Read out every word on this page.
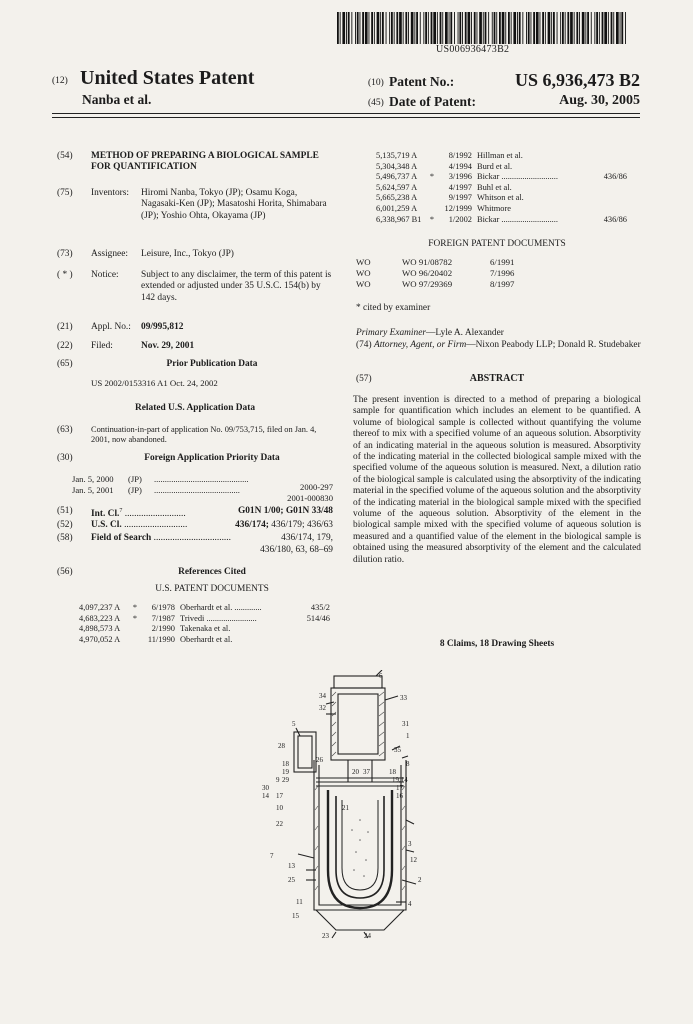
US006936473B2
(12) United States Patent
Nanba et al.
(10) Patent No.:	US 6,936,473 B2
(45) Date of Patent:	Aug. 30, 2005
(54) METHOD OF PREPARING A BIOLOGICAL SAMPLE FOR QUANTIFICATION
(75) Inventors: Hiromi Nanba, Tokyo (JP); Osamu Koga, Nagasaki-Ken (JP); Masatoshi Horita, Shimabara (JP); Yoshio Ohta, Okayama (JP)
(73) Assignee: Leisure, Inc., Tokyo (JP)
( * ) Notice: Subject to any disclaimer, the term of this patent is extended or adjusted under 35 U.S.C. 154(b) by 142 days.
(21) Appl. No.: 09/995,812
(22) Filed:	Nov. 29, 2001
(65)	Prior Publication Data
US 2002/0153316 A1 Oct. 24, 2002
Related U.S. Application Data
(63) Continuation-in-part of application No. 09/753,715, filed on Jan. 4, 2001, now abandoned.
(30)	Foreign Application Priority Data
Jan. 5, 2000 (JP) ............................................
2000-297
Jan. 5, 2001 (JP) ........................................
2001-000830
(51) Int. Cl.$^7$ ..........................	G01N 1/00; G01N 33/48
(52) U.S. Cl. ...........................	436/174; 436/179; 436/63
(58) Field of Search .................................	436/174, 179,
436/180, 63, 68–69
(56)	References Cited
U.S. PATENT DOCUMENTS
4,097,237 A	*	6/1978	Oberhardt et al. .............	435/2
4,683,223 A	*	7/1987	Trivedi ........................	514/46
4,898,573 A		2/1990	Takenaka et al.	
4,970,052 A		11/1990	Oberhardt et al.	
5,135,719 A		8/1992	Hillman et al.	
5,304,348 A		4/1994	Burd et al.	
5,496,737 A	*	3/1996	Bickar ...........................	436/86
5,624,597 A		4/1997	Buhl et al.	
5,665,238 A		9/1997	Whitson et al.	
6,001,259 A		12/1999	Whitmore	
6,338,967 B1	*	1/2002	Bickar ...........................	436/86
FOREIGN PATENT DOCUMENTS
WO	WO 91/08782	6/1991
WO	WO 96/20402	7/1996
WO	WO 97/29369	8/1997
* cited by examiner
Primary Examiner—Lyle A. Alexander
(74) Attorney, Agent, or Firm—Nixon Peabody LLP; Donald R. Studebaker
(57)	ABSTRACT
The present invention is directed to a method of preparing a biological sample for quantification which includes an element to be quantified. A volume of biological sample is collected without quantifying the volume thereof to mix with a specified volume of an aqueous solution. Absorptivity of an indicating material in the aqueous solution is measured. Absorptivity of the indicating material in the collected biological sample mixed with the specified volume of the aqueous solution is measured. Next, a dilution ratio of the biological sample is calculated using the absorptivity of the indicating material in the specified volume of the aqueous solution and the absorptivity of the indicating material in the biological sample mixed with the specified volume of the aqueous solution. Absorptivity of the element in the biological sample mixed with the specified volume of aqueous solution is measured and a quantified value of the element in the biological sample is obtained using the measured absorptivity of the element and the calculated dilution ratio.
8 Claims, 18 Drawing Sheets
6
34	33
32
31
1
5
35
28
26	8
18
19	20 37	18
9 29	19,14
30
14 17
17
16
21
10
22
3
12
7
13
25	2
4
11
23	24
15
